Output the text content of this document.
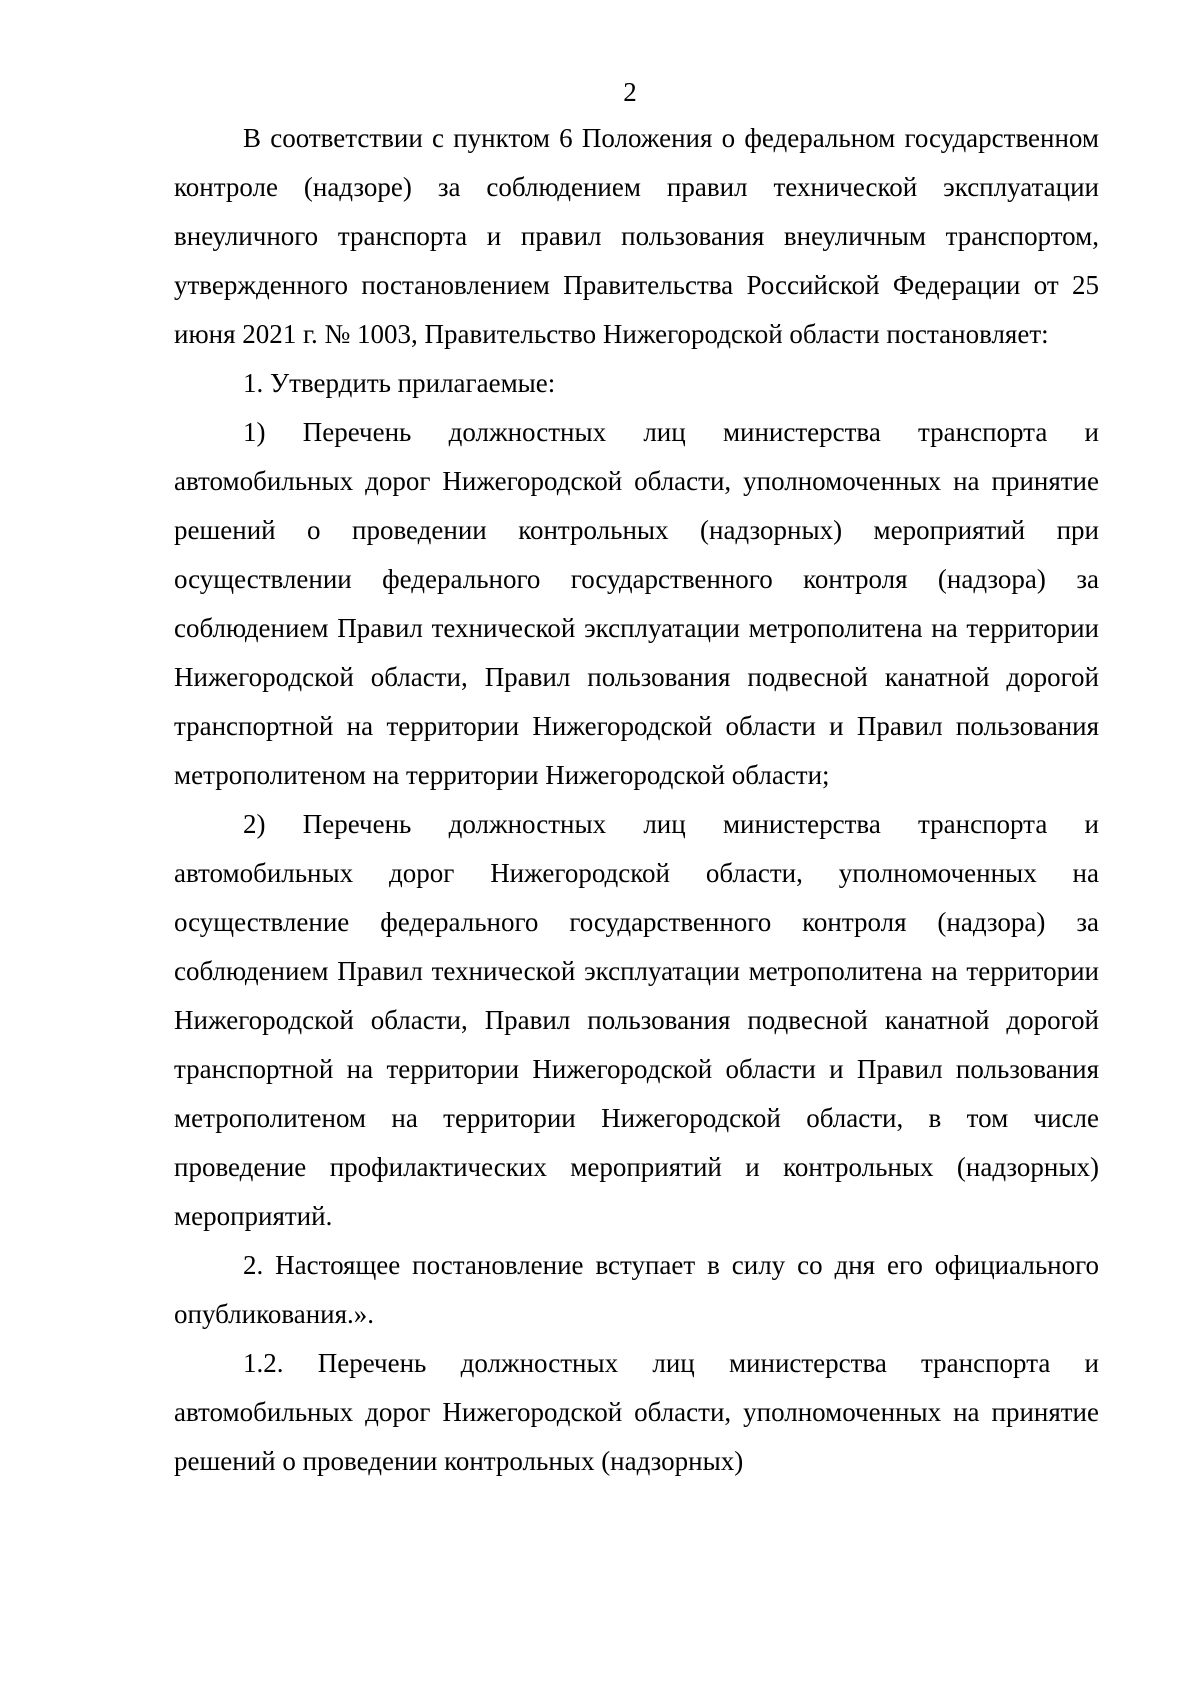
2

В соответствии с пунктом 6 Положения о федеральном государственном контроле (надзоре) за соблюдением правил технической эксплуатации внеуличного транспорта и правил пользования внеуличным транспортом, утвержденного постановлением Правительства Российской Федерации от 25 июня 2021 г. № 1003, Правительство Нижегородской области постановляет:

1. Утвердить прилагаемые:

1) Перечень должностных лиц министерства транспорта и автомобильных дорог Нижегородской области, уполномоченных на принятие решений о проведении контрольных (надзорных) мероприятий при осуществлении федерального государственного контроля (надзора) за соблюдением Правил технической эксплуатации метрополитена на территории Нижегородской области, Правил пользования подвесной канатной дорогой транспортной на территории Нижегородской области и Правил пользования метрополитеном на территории Нижегородской области;

2) Перечень должностных лиц министерства транспорта и автомобильных дорог Нижегородской области, уполномоченных на осуществление федерального государственного контроля (надзора) за соблюдением Правил технической эксплуатации метрополитена на территории Нижегородской области, Правил пользования подвесной канатной дорогой транспортной на территории Нижегородской области и Правил пользования метрополитеном на территории Нижегородской области, в том числе проведение профилактических мероприятий и контрольных (надзорных) мероприятий.

2. Настоящее постановление вступает в силу со дня его официального опубликования.».

1.2. Перечень должностных лиц министерства транспорта и автомобильных дорог Нижегородской области, уполномоченных на принятие решений о проведении контрольных (надзорных)
